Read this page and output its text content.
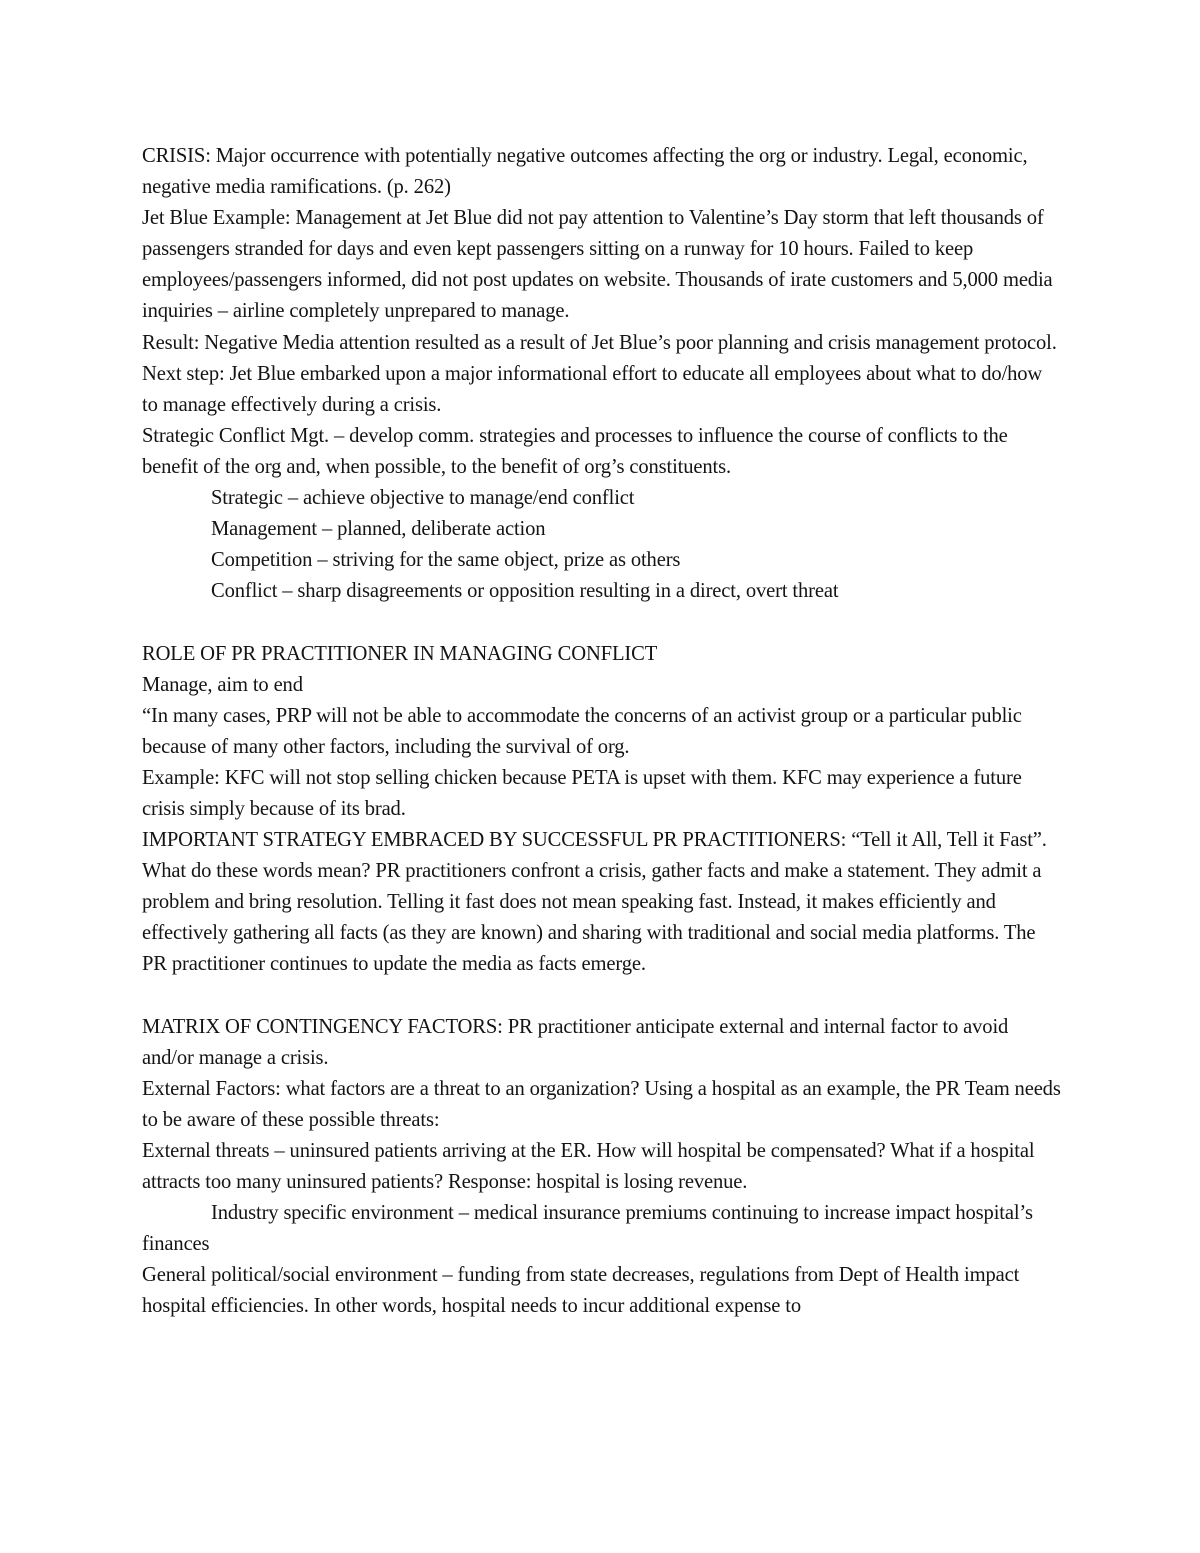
CRISIS: Major occurrence with potentially negative outcomes affecting the org or industry. Legal, economic, negative media ramifications. (p. 262)

Jet Blue Example: Management at Jet Blue did not pay attention to Valentine’s Day storm that left thousands of passengers stranded for days and even kept passengers sitting on a runway for 10 hours. Failed to keep employees/passengers informed, did not post updates on website. Thousands of irate customers and 5,000 media inquiries – airline completely unprepared to manage.

Result: Negative Media attention resulted as a result of Jet Blue’s poor planning and crisis management protocol. Next step: Jet Blue embarked upon a major informational effort to educate all employees about what to do/how to manage effectively during a crisis.

Strategic Conflict Mgt. – develop comm. strategies and processes to influence the course of conflicts to the benefit of the org and, when possible, to the benefit of org’s constituents.

Strategic – achieve objective to manage/end conflict

Management – planned, deliberate action

Competition – striving for the same object, prize as others

Conflict – sharp disagreements or opposition resulting in a direct, overt threat

ROLE OF PR PRACTITIONER IN MANAGING CONFLICT

Manage, aim to end

“In many cases, PRP will not be able to accommodate the concerns of an activist group or a particular public because of many other factors, including the survival of org.

Example: KFC will not stop selling chicken because PETA is upset with them. KFC may experience a future crisis simply because of its brad.

IMPORTANT STRATEGY EMBRACED BY SUCCESSFUL PR PRACTITIONERS: “Tell it All, Tell it Fast”.

What do these words mean? PR practitioners confront a crisis, gather facts and make a statement. They admit a problem and bring resolution. Telling it fast does not mean speaking fast. Instead, it makes efficiently and effectively gathering all facts (as they are known) and sharing with traditional and social media platforms. The PR practitioner continues to update the media as facts emerge.

MATRIX OF CONTINGENCY FACTORS: PR practitioner anticipate external and internal factor to avoid and/or manage a crisis.

External Factors: what factors are a threat to an organization? Using a hospital as an example, the PR Team needs to be aware of these possible threats:

External threats – uninsured patients arriving at the ER. How will hospital be compensated? What if a hospital attracts too many uninsured patients? Response: hospital is losing revenue.

Industry specific environment – medical insurance premiums continuing to increase impact hospital’s finances

General political/social environment – funding from state decreases, regulations from Dept of Health impact hospital efficiencies. In other words, hospital needs to incur additional expense to
